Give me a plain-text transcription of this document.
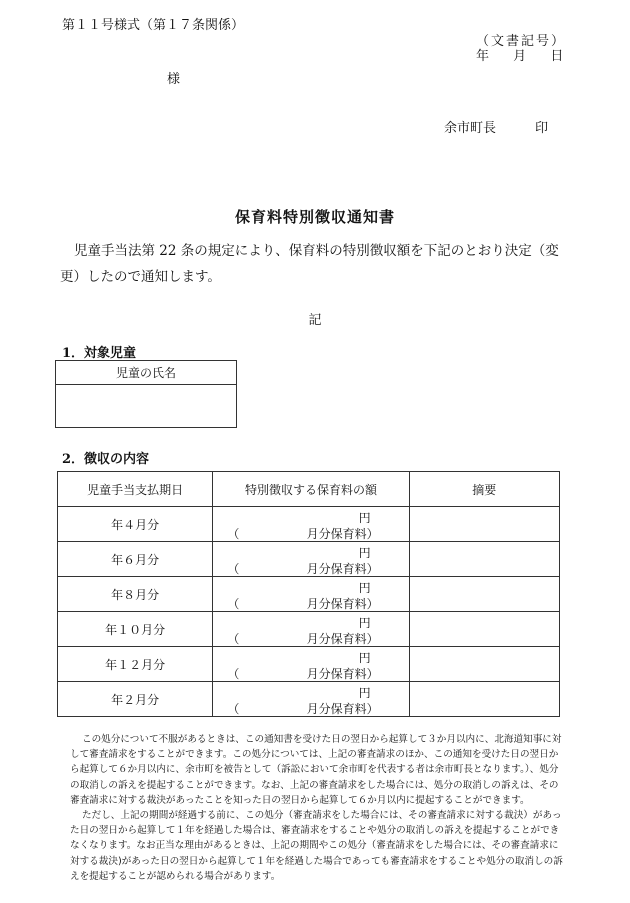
第１１号様式（第１７条関係）
（文書記号）
年 月 日
様
余市町長	印
保育料特別徴収通知書
児童手当法第 22 条の規定により、保育料の特別徴収額を下記のとおり決定（変更）したので通知します。
記
1．対象児童
児童の氏名

2．徴収の内容
児童手当支払期日	特別徴収する保育料の額	摘要
年４月分	円
（ 月分保育料）	

年６月分	円
（ 月分保育料）	

年８月分	円
（ 月分保育料）	

年１０月分	円
（ 月分保育料）	

年１２月分	円
（ 月分保育料）	

年２月分	円
（ 月分保育料）	

この処分について不服があるときは、この通知書を受けた日の翌日から起算して３か月以内に、北海道知事に対して審査請求をすることができます。この処分については、上記の審査請求のほか、この通知を受けた日の翌日から起算して６か月以内に、余市町を被告として（訴訟において余市町を代表する者は余市町長となります。）、処分の取消しの訴えを提起することができます。なお、上記の審査請求をした場合には、処分の取消しの訴えは、その審査請求に対する裁決があったことを知った日の翌日から起算して６か月以内に提起することができます。

ただし、上記の期間が経過する前に、この処分（審査請求をした場合には、その審査請求に対する裁決）があった日の翌日から起算して１年を経過した場合は、審査請求をすることや処分の取消しの訴えを提起することができなくなります。なお正当な理由があるときは、上記の期間やこの処分（審査請求をした場合には、その審査請求に対する裁決)があった日の翌日から起算して１年を経過した場合であっても審査請求をすることや処分の取消しの訴えを提起することが認められる場合があります。
